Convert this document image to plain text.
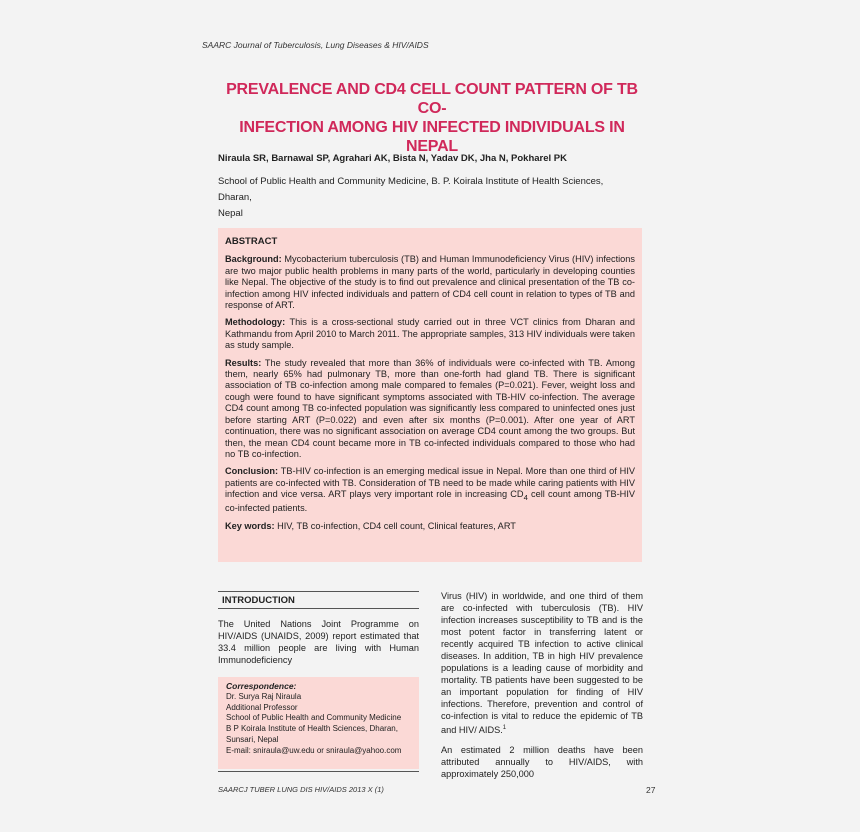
SAARC Journal of Tuberculosis, Lung Diseases & HIV/AIDS
PREVALENCE AND CD4 CELL COUNT PATTERN OF TB CO-
INFECTION AMONG HIV INFECTED INDIVIDUALS IN NEPAL
Niraula SR, Barnawal SP, Agrahari AK, Bista N, Yadav DK, Jha N, Pokharel PK
School of Public Health and Community Medicine, B. P. Koirala Institute of Health Sciences, Dharan,
Nepal
ABSTRACT

Background: Mycobacterium tuberculosis (TB) and Human Immunodeficiency Virus (HIV) infections are two major public health problems in many parts of the world, particularly in developing counties like Nepal. The objective of the study is to find out prevalence and clinical presentation of the TB co-infection among HIV infected individuals and pattern of CD4 cell count in relation to types of TB and response of ART.

Methodology: This is a cross-sectional study carried out in three VCT clinics from Dharan and Kathmandu from April 2010 to March 2011. The appropriate samples, 313 HIV individuals were taken as study sample.

Results: The study revealed that more than 36% of individuals were co-infected with TB. Among them, nearly 65% had pulmonary TB, more than one-forth had gland TB. There is significant association of TB co-infection among male compared to females (P=0.021). Fever, weight loss and cough were found to have significant symptoms associated with TB-HIV co-infection. The average CD4 count among TB co-infected population was significantly less compared to uninfected ones just before starting ART (P=0.022) and even after six months (P=0.001). After one year of ART continuation, there was no significant association on average CD4 count among the two groups. But then, the mean CD4 count became more in TB co-infected individuals compared to those who had no TB co-infection.

Conclusion: TB-HIV co-infection is an emerging medical issue in Nepal. More than one third of HIV patients are co-infected with TB. Consideration of TB need to be made while caring patients with HIV infection and vice versa. ART plays very important role in increasing $CD_4$ cell count among TB-HIV co-infected patients.

Key words: HIV, TB co-infection, CD4 cell count, Clinical features, ART

INTRODUCTION
The United Nations Joint Programme on HIV/AIDS (UNAIDS, 2009) report estimated that 33.4 million people are living with Human Immunodeficiency
Correspondence:
Dr. Surya Raj Niraula
Additional Professor
School of Public Health and Community Medicine
B P Koirala Institute of Health Sciences, Dharan,
Sunsari, Nepal
E-mail: sniraula@uw.edu or sniraula@yahoo.com

Virus (HIV) in worldwide, and one third of them are co-infected with tuberculosis (TB). HIV infection increases susceptibility to TB and is the most potent factor in transferring latent or recently acquired TB infection to active clinical diseases. In addition, TB in high HIV prevalence populations is a leading cause of morbidity and mortality. TB patients have been suggested to be an important population for finding of HIV infections. Therefore, prevention and control of co-infection is vital to reduce the epidemic of TB and HIV/ AIDS.$^1$

An estimated 2 million deaths have been attributed annually to HIV/AIDS, with approximately 250,000

SAARCJ TUBER LUNG DIS HIV/AIDS 2013 X (1)	27
